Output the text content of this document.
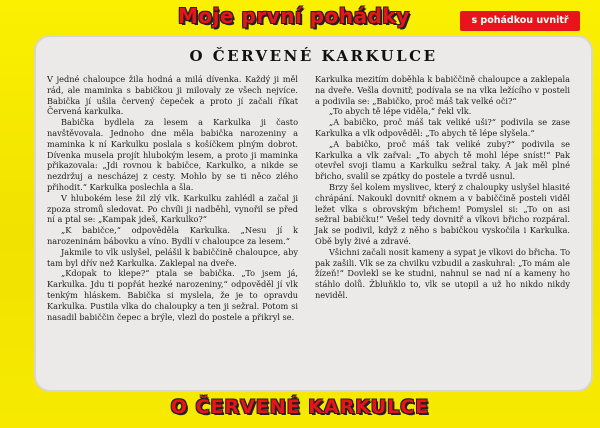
Moje první pohádky	s pohádkou uvnitř
O ČERVENÉ KARKULCE

V jedné chaloupce žila hodná a milá dívenka. Každý ji měl rád, ale maminka s babičkou ji milovaly ze všech nejvíce. Babička jí ušila červený čepeček a proto jí začali říkat Červená karkulka.

Babička bydlela za lesem a Karkulka ji často navštěvovala. Jednoho dne měla babička narozeniny a maminka k ní Karkulku poslala s košíčkem plným dobrot. Dívenka musela projít hlubokým lesem, a proto ji maminka přikazovala: „Jdi rovnou k babičce, Karkulko, a nikde se nezdržuj a nescházej z cesty. Mohlo by se ti něco zlého přihodit.“ Karkulka poslechla a šla.

V hlubokém lese žil zlý vlk. Karkulku zahlédl a začal ji zpoza stromů sledovat. Po chvíli ji nadběhl, vynořil se před ní a ptal se: „Kampak jdeš, Karkulko?“

„K babičce,“ odpověděla Karkulka. „Nesu jí k narozeninám bábovku a víno. Bydlí v chaloupce za lesem.“

Jakmile to vlk uslyšel, pelášil k babiččině chaloupce, aby tam byl dřív než Karkulka. Zaklepal na dveře.

„Kdopak to klepe?“ ptala se babička. „To jsem já, Karkulka. Jdu ti popřát hezké narozeniny,“ odpověděl jí vlk tenkým hláskem. Babička si myslela, že je to opravdu Karkulka. Pustila vlka do chaloupky a ten ji sežral. Potom si nasadil babiččin čepec a brýle, vlezl do postele a přikryl se.

Karkulka mezitím doběhla k babiččině chaloupce a zaklepala na dveře. Vešla dovnitř, podívala se na vlka ležícího v posteli a podivila se: „Babičko, proč máš tak velké oči?“

„To abych tě lépe viděla,“ řekl vlk.

„A babičko, proč máš tak veliké uši?“ podivila se zase Karkulka a vlk odpověděl: „To abych tě lépe slyšela.“

„A babičko, proč máš tak veliké zuby?“ podivila se Karkulka a vlk zařval: „To abych tě mohl lépe sníst!“ Pak otevřel svoji tlamu a Karkulku sežral taky. A jak měl plné břicho, svalil se zpátky do postele a tvrdě usnul.

Brzy šel kolem myslivec, který z chaloupky uslyšel hlasité chrápání. Nakoukl dovnitř oknem a v babiččině posteli viděl ležet vlka s obrovským břichem! Pomyslel si: „To on asi sežral babičku!“ Vešel tedy dovnitř a vlkovi břicho rozpáral. Jak se podivil, když z něho s babičkou vyskočila i Karkulka. Obě byly živé a zdravé.

Všichni začali nosit kameny a sypat je vlkovi do břicha. To pak zašili. Vlk se za chvilku vzbudil a zaskuhral: „To mám ale žízeň!“ Dovlekl se ke studni, nahnul se nad ní a kameny ho stáhlo dolů. Žbluňklo to, vlk se utopil a už ho nikdo nikdy neviděl.

O ČERVENÉ KARKULCE
